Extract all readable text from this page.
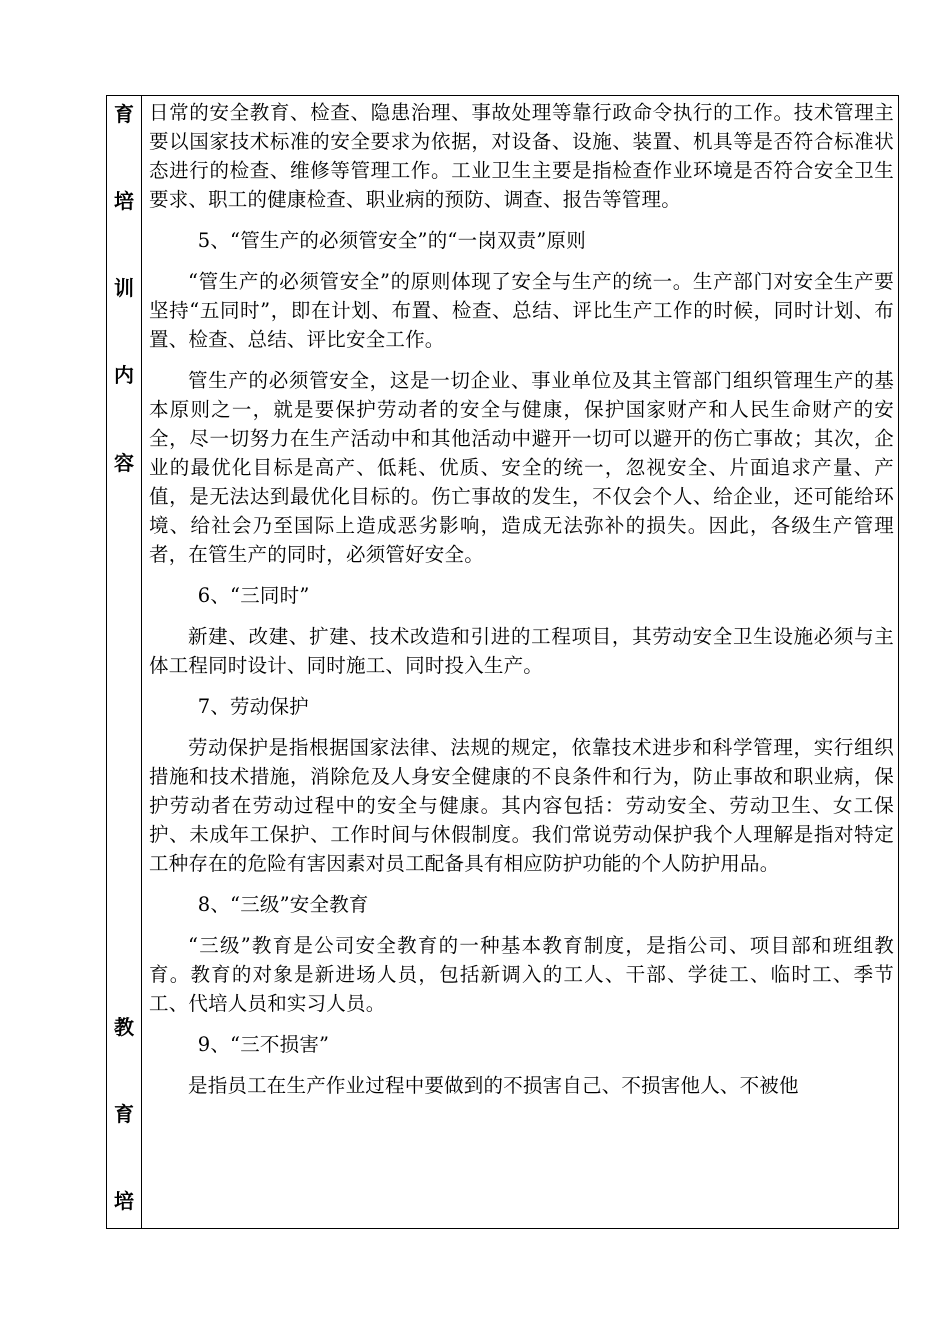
育
培
训
内
容
教
育
培

日常的安全教育、检查、隐患治理、事故处理等靠行政命令执行的工作。技术管理主要以国家技术标准的安全要求为依据，对设备、设施、装置、机具等是否符合标准状态进行的检查、维修等管理工作。工业卫生主要是指检查作业环境是否符合安全卫生要求、职工的健康检查、职业病的预防、调查、报告等管理。

5、“管生产的必须管安全”的“一岗双责”原则

“管生产的必须管安全”的原则体现了安全与生产的统一。生产部门对安全生产要坚持“五同时”，即在计划、布置、检查、总结、评比生产工作的时候，同时计划、布置、检查、总结、评比安全工作。

管生产的必须管安全，这是一切企业、事业单位及其主管部门组织管理生产的基本原则之一，就是要保护劳动者的安全与健康，保护国家财产和人民生命财产的安全，尽一切努力在生产活动中和其他活动中避开一切可以避开的伤亡事故；其次，企业的最优化目标是高产、低耗、优质、安全的统一，忽视安全、片面追求产量、产值，是无法达到最优化目标的。伤亡事故的发生，不仅会个人、给企业，还可能给环境、给社会乃至国际上造成恶劣影响，造成无法弥补的损失。因此，各级生产管理者，在管生产的同时，必须管好安全。

6、“三同时”

新建、改建、扩建、技术改造和引进的工程项目，其劳动安全卫生设施必须与主体工程同时设计、同时施工、同时投入生产。

7、劳动保护

劳动保护是指根据国家法律、法规的规定，依靠技术进步和科学管理，实行组织措施和技术措施，消除危及人身安全健康的不良条件和行为，防止事故和职业病，保护劳动者在劳动过程中的安全与健康。其内容包括：劳动安全、劳动卫生、女工保护、未成年工保护、工作时间与休假制度。我们常说劳动保护我个人理解是指对特定工种存在的危险有害因素对员工配备具有相应防护功能的个人防护用品。

8、“三级”安全教育

“三级”教育是公司安全教育的一种基本教育制度，是指公司、项目部和班组教育。教育的对象是新进场人员，包括新调入的工人、干部、学徒工、临时工、季节工、代培人员和实习人员。

9、“三不损害”

是指员工在生产作业过程中要做到的不损害自己、不损害他人、不被他
